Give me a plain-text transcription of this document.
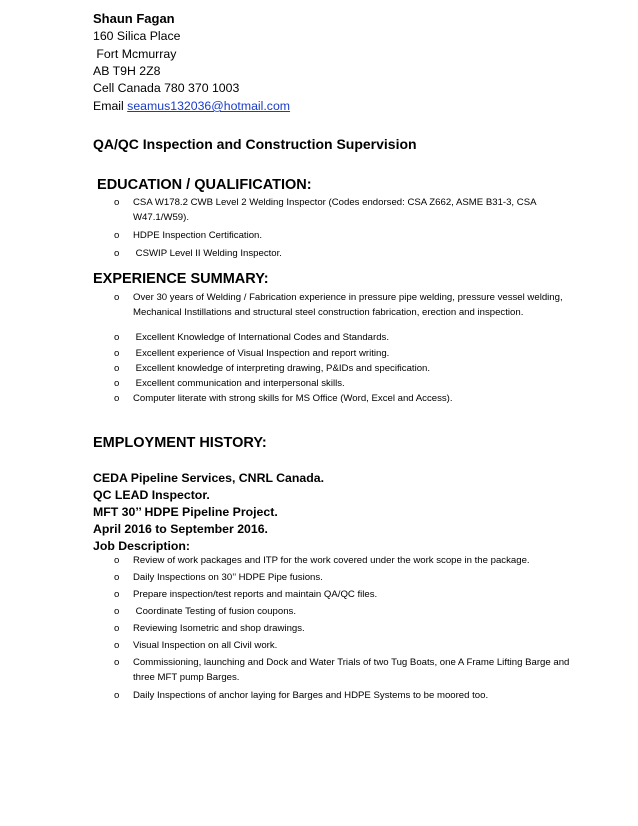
Shaun Fagan
160 Silica Place
Fort Mcmurray
AB T9H 2Z8
Cell Canada 780 370 1003
Email seamus132036@hotmail.com
QA/QC Inspection and Construction Supervision
EDUCATION / QUALIFICATION:
o CSA W178.2 CWB Level 2 Welding Inspector (Codes endorsed: CSA Z662, ASME B31-3, CSA W47.1/W59).
o HDPE Inspection Certification.
o CSWIP Level II Welding Inspector.
EXPERIENCE SUMMARY:
o Over 30 years of Welding / Fabrication experience in pressure pipe welding, pressure vessel welding, Mechanical Instillations and structural steel construction fabrication, erection and inspection.
o Excellent Knowledge of International Codes and Standards.
o Excellent experience of Visual Inspection and report writing.
o Excellent knowledge of interpreting drawing, P&IDs and specification.
o Excellent communication and interpersonal skills.
o Computer literate with strong skills for MS Office (Word, Excel and Access).
EMPLOYMENT HISTORY:
CEDA Pipeline Services, CNRL Canada.
QC LEAD Inspector.
MFT 30’’ HDPE Pipeline Project.
April 2016 to September 2016.
Job Description:
o Review of work packages and ITP for the work covered under the work scope in the package.
o Daily Inspections on 30’’ HDPE Pipe fusions.
o Prepare inspection/test reports and maintain QA/QC files.
o Coordinate Testing of fusion coupons.
o Reviewing Isometric and shop drawings.
o Visual Inspection on all Civil work.
o Commissioning, launching and Dock and Water Trials of two Tug Boats, one A Frame Lifting Barge and three MFT pump Barges.
o Daily Inspections of anchor laying for Barges and HDPE Systems to be moored too.
